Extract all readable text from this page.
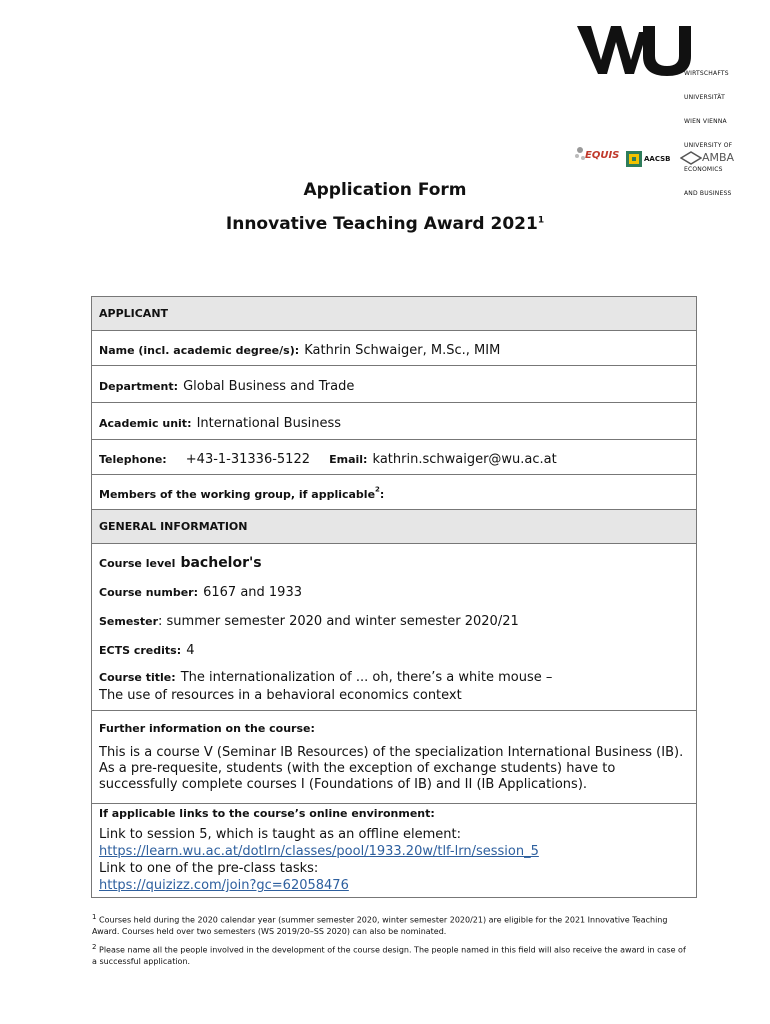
WIRTSCHAFTS

UNIVERSITÄT

WIEN VIENNA

UNIVERSITY OF

ECONOMICS

AND BUSINESS

EQUIS	AACSB	AMBA
Application Form
Innovative Teaching Award 2021$^1$
APPLICANT
Name (incl. academic degree/s): Kathrin Schwaiger, M.Sc., MIM
Department: Global Business and Trade
Academic unit: International Business
Telephone: +43-1-31336-5122 Email: kathrin.schwaiger@wu.ac.at
Members of the working group, if applicable$^2$:
GENERAL INFORMATION

Course level bachelor's
Course number: 6167 and 1933
Semester: summer semester 2020 and winter semester 2020/21
ECTS credits: 4
Course title: The internationalization of ... oh, there’s a white mouse –
The use of resources in a behavioral economics context

Further information on the course:
This is a course V (Seminar IB Resources) of the specialization International Business (IB). As a pre-requesite, students (with the exception of exchange students) have to successfully complete courses I (Foundations of IB) and II (IB Applications).

If applicable links to the course’s online environment:
Link to session 5, which is taught as an offline element:
https://learn.wu.ac.at/dotlrn/classes/pool/1933.20w/tlf-lrn/session_5
Link to one of the pre-class tasks:
https://quizizz.com/join?gc=62058476
1 Courses held during the 2020 calendar year (summer semester 2020, winter semester 2020/21) are eligible for the 2021 Innovative Teaching Award. Courses held over two semesters (WS 2019/20–SS 2020) can also be nominated.
2 Please name all the people involved in the development of the course design. The people named in this field will also receive the award in case of a successful application.
